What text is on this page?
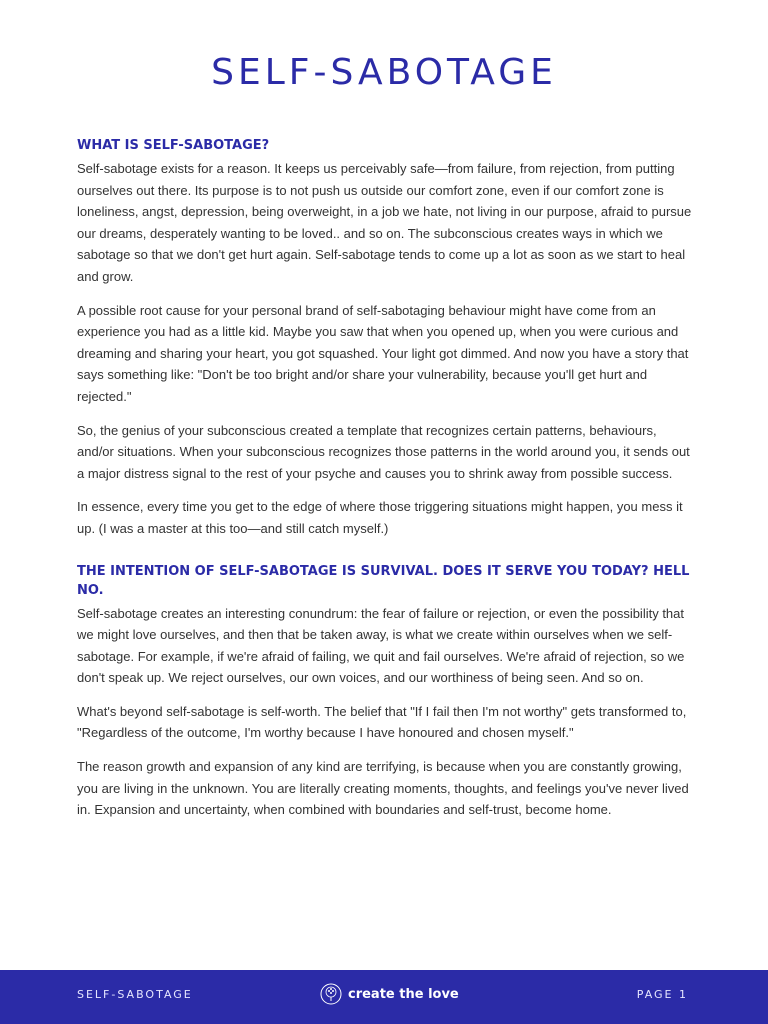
SELF-SABOTAGE
WHAT IS SELF-SABOTAGE?

Self-sabotage exists for a reason. It keeps us perceivably safe—from failure, from rejection, from putting ourselves out there. Its purpose is to not push us outside our comfort zone, even if our comfort zone is loneliness, angst, depression, being overweight, in a job we hate, not living in our purpose, afraid to pursue our dreams, desperately wanting to be loved.. and so on. The subconscious creates ways in which we sabotage so that we don't get hurt again. Self-sabotage tends to come up a lot as soon as we start to heal and grow.

A possible root cause for your personal brand of self-sabotaging behaviour might have come from an experience you had as a little kid. Maybe you saw that when you opened up, when you were curious and dreaming and sharing your heart, you got squashed. Your light got dimmed. And now you have a story that says something like: "Don't be too bright and/or share your vulnerability, because you'll get hurt and rejected."

So, the genius of your subconscious created a template that recognizes certain patterns, behaviours, and/or situations. When your subconscious recognizes those patterns in the world around you, it sends out a major distress signal to the rest of your psyche and causes you to shrink away from possible success.

In essence, every time you get to the edge of where those triggering situations might happen, you mess it up. (I was a master at this too—and still catch myself.)

THE INTENTION OF SELF-SABOTAGE IS SURVIVAL. DOES IT SERVE YOU TODAY? HELL NO.

Self-sabotage creates an interesting conundrum: the fear of failure or rejection, or even the possibility that we might love ourselves, and then that be taken away, is what we create within ourselves when we self-sabotage. For example, if we're afraid of failing, we quit and fail ourselves. We're afraid of rejection, so we don't speak up. We reject ourselves, our own voices, and our worthiness of being seen. And so on.

What's beyond self-sabotage is self-worth. The belief that "If I fail then I'm not worthy" gets transformed to, "Regardless of the outcome, I'm worthy because I have honoured and chosen myself."

The reason growth and expansion of any kind are terrifying, is because when you are constantly growing, you are living in the unknown. You are literally creating moments, thoughts, and feelings you've never lived in. Expansion and uncertainty, when combined with boundaries and self-trust, become home.

SELF-SABOTAGE	create the love	PAGE 1
